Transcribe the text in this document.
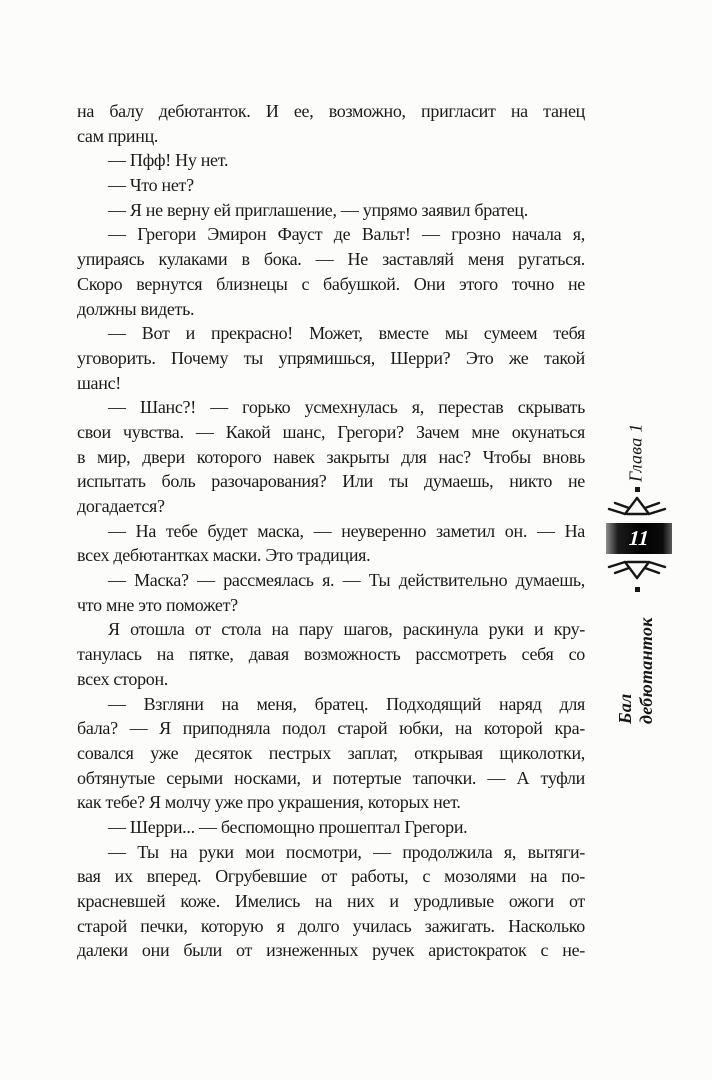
на балу дебютанток. И ее, возможно, пригласит на танец
сам принц.
— Пфф! Ну нет.
— Что нет?
— Я не верну ей приглашение, — упрямо заявил братец.
— Грегори Эмирон Фауст де Вальт! — грозно начала я,
упираясь кулаками в бока. — Не заставляй меня ругаться.
Скоро вернутся близнецы с бабушкой. Они этого точно не
должны видеть.
— Вот и прекрасно! Может, вместе мы сумеем тебя
уговорить. Почему ты упрямишься, Шерри? Это же такой
шанс!
— Шанс?! — горько усмехнулась я, перестав скрывать
свои чувства. — Какой шанс, Грегори? Зачем мне окунаться
в мир, двери которого навек закрыты для нас? Чтобы вновь
испытать боль разочарования? Или ты думаешь, никто не
догадается?
— На тебе будет маска, — неуверенно заметил он. — На
всех дебютантках маски. Это традиция.
— Маска? — рассмеялась я. — Ты действительно думаешь,
что мне это поможет?
Я отошла от стола на пару шагов, раскинула руки и кру-
танулась на пятке, давая возможность рассмотреть себя со
всех сторон.
— Взгляни на меня, братец. Подходящий наряд для
бала? — Я приподняла подол старой юбки, на которой кра-
совался уже десяток пестрых заплат, открывая щиколотки,
обтянутые серыми носками, и потертые тапочки. — А туфли
как тебе? Я молчу уже про украшения, которых нет.
— Шерри... — беспомощно прошептал Грегори.
— Ты на руки мои посмотри, — продолжила я, вытяги-
вая их вперед. Огрубевшие от работы, с мозолями на по-
красневшей коже. Имелись на них и уродливые ожоги от
старой печки, которую я долго училась зажигать. Насколько
далеки они были от изнеженных ручек аристократок с не-
Глава 1
11
Бал дебютанток
